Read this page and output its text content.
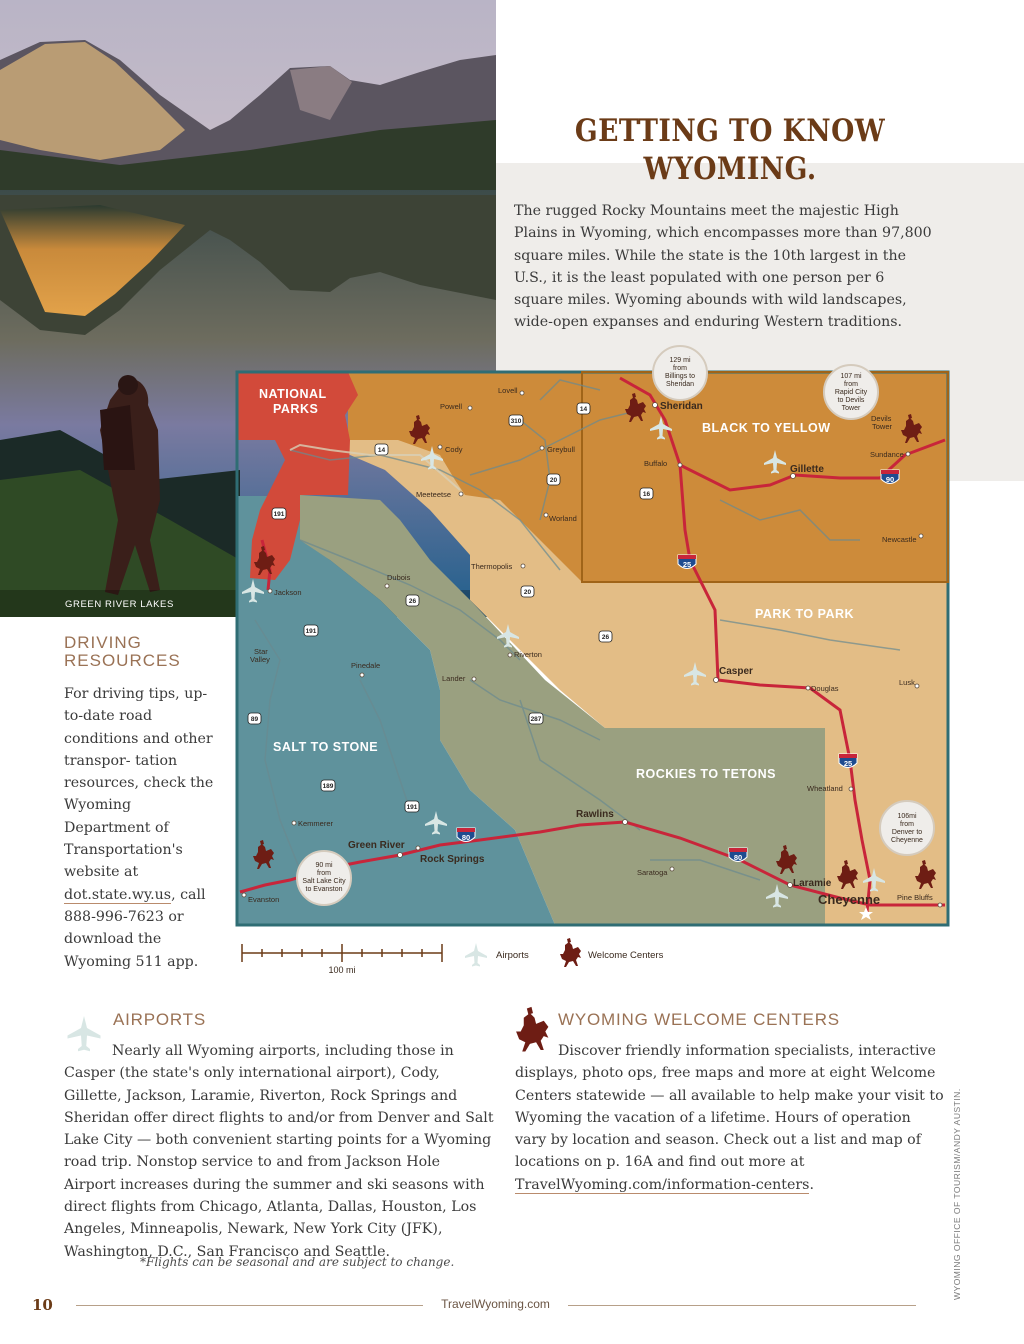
GETTING TO KNOW
WYOMING.
The rugged Rocky Mountains meet the majestic High Plains in Wyoming, which encompasses more than 97,800 square miles. While the state is the 10th largest in the U.S., it is the least populated with one person per 6 square miles. Wyoming abounds with wild landscapes, wide-open expanses and enduring Western traditions.
GREEN RIVER LAKES
DRIVING
RESOURCES
For driving tips, up-to-date road conditions and other transpor- tation resources, check the Wyoming Department of Transportation's website at dot.state.wy.us, call 888-996-7623 or download the Wyoming 511 app.
NATIONAL
PARKS
BLACK TO YELLOW
PARK TO PARK
SALT TO STONE
ROCKIES TO TETONS
Lovell
Powell
Cody	Greybull
Meeteetse
Worland
Buffalo
Devils
Tower
Sundance
Newcastle
Thermopolis
Dubois
Jackson
Riverton
Star
Valley
Pinedale
Lander
Douglas
Lusk
Wheatland
Kemmerer
Saratoga
Pine Bluffs
Evanston
Sheridan
Gillette
Casper
Green River
Rock Springs
Rawlins
Laramie
Cheyenne
14
310
14
20
16
191
26
20
191
26
89	287
189
191
90
25
25
80
80
129 mi
from
Billings to
Sheridan
107 mi
from
Rapid City
to Devils
Tower
106mi
from
Denver to
Cheyenne
90 mi
from
Salt Lake City
to Evanston
100 mi
Airports	Welcome Centers
AIRPORTS
Nearly all Wyoming airports, including those in Casper (the state's only international airport), Cody, Gillette, Jackson, Laramie, Riverton, Rock Springs and Sheridan offer direct flights to and/or from Denver and Salt Lake City — both convenient starting points for a Wyoming road trip. Nonstop service to and from Jackson Hole Airport increases during the summer and ski seasons with direct flights from Chicago, Atlanta, Dallas, Houston, Los Angeles, Minneapolis, Newark, New York City (JFK), Washington, D.C., San Francisco and Seattle.
*Flights can be seasonal and are subject to change.
WYOMING WELCOME CENTERS
Discover friendly information specialists, interactive displays, photo ops, free maps and more at eight Welcome Centers statewide — all available to help make your visit to Wyoming the vacation of a lifetime. Hours of operation vary by location and season. Check out a list and map of locations on p. 16A and find out more at TravelWyoming.com/information-centers.
10	TravelWyoming.com
WYOMING OFFICE OF TOURISM/ANDY AUSTIN.
